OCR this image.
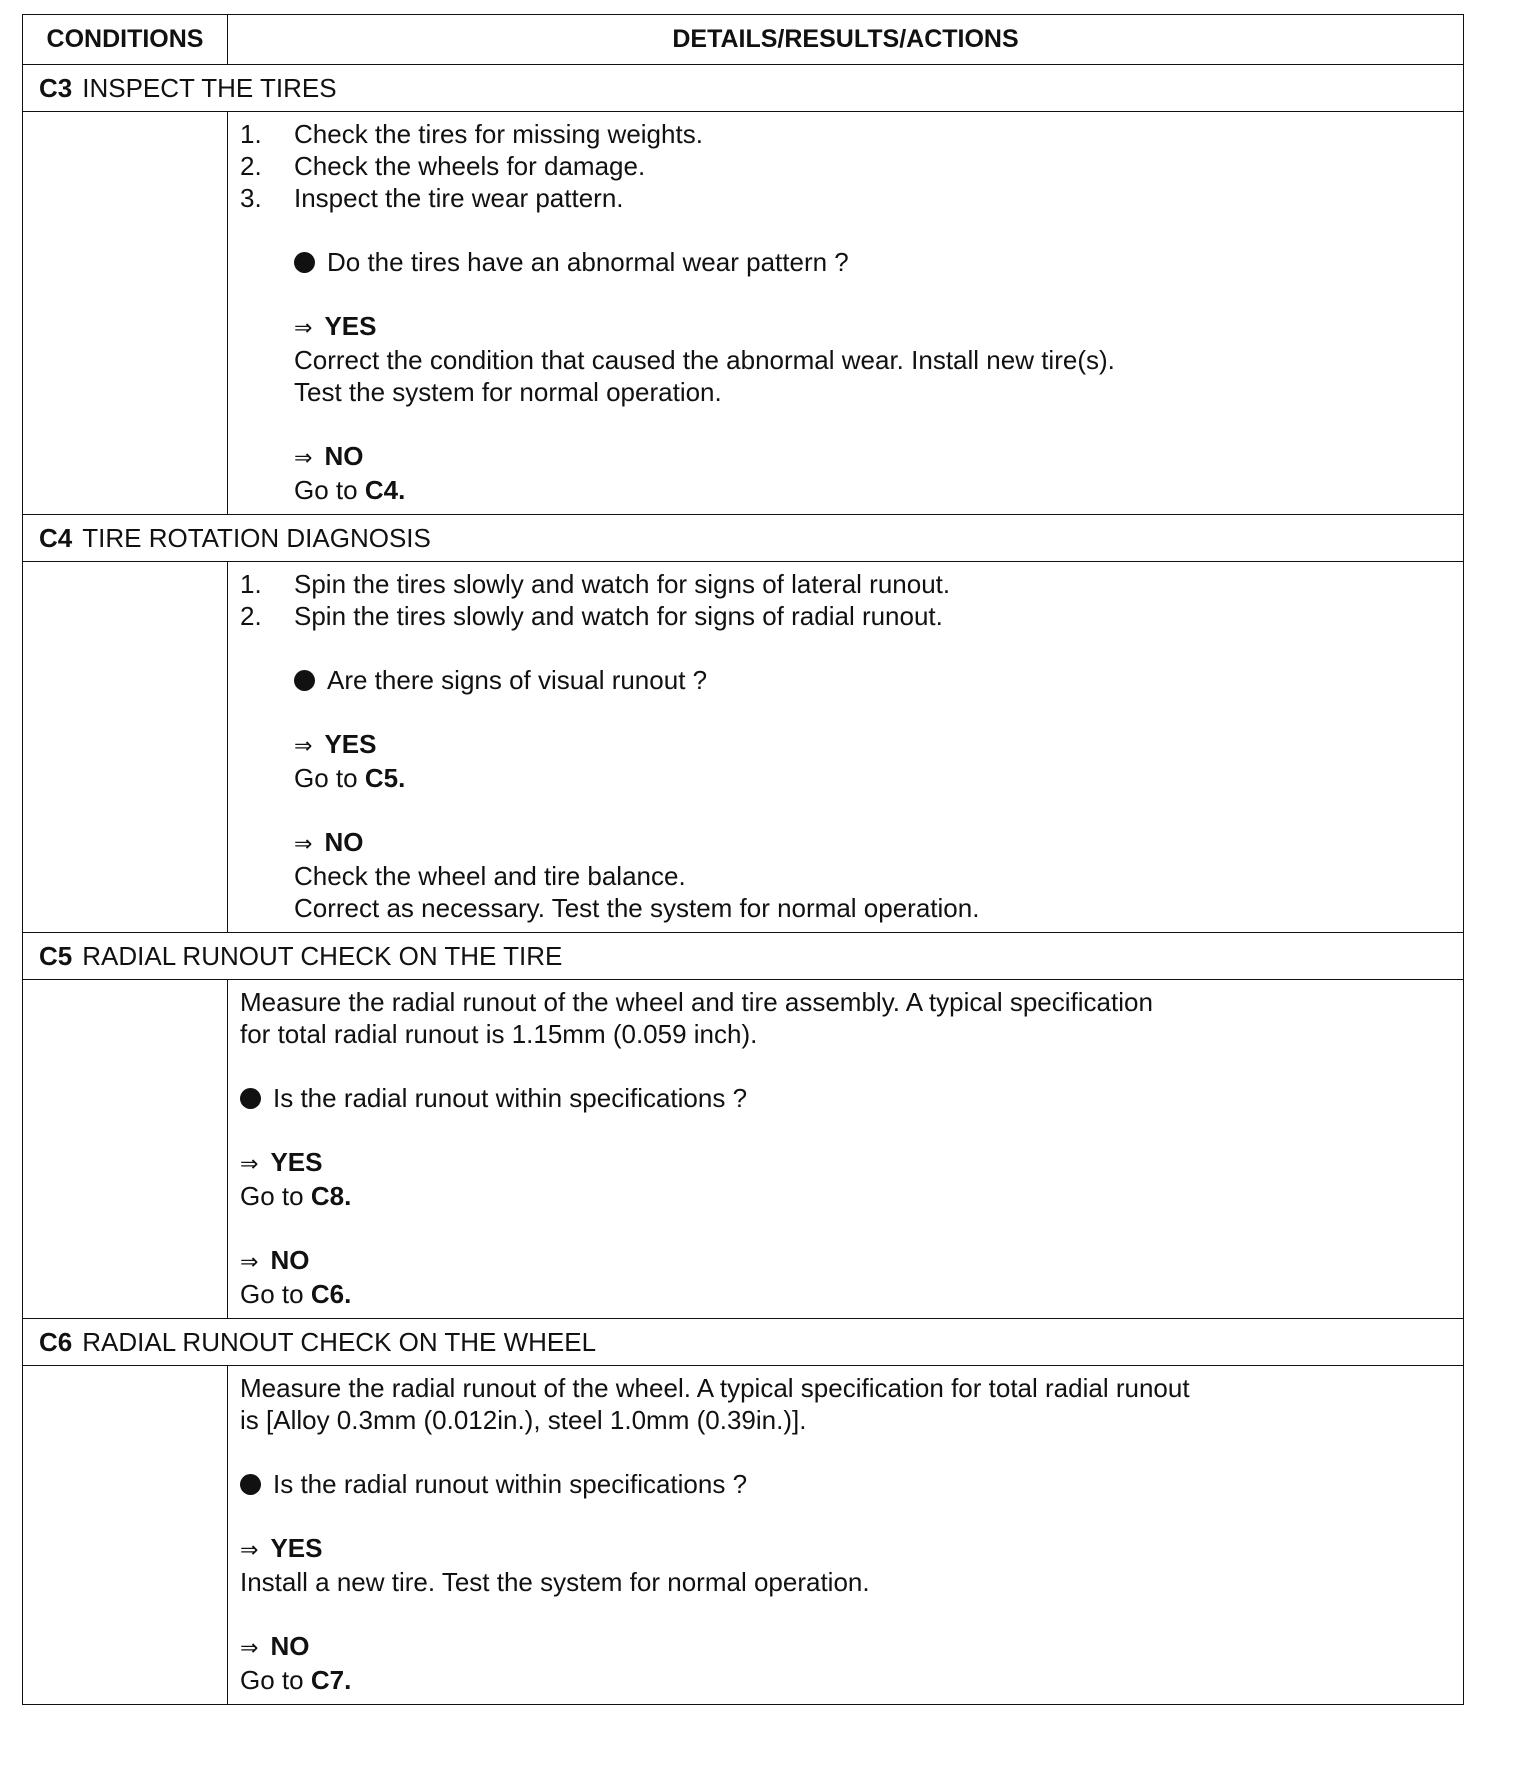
CONDITIONS	DETAILS/RESULTS/ACTIONS
C3 INSPECT THE TIRES
1.	Check the tires for missing weights.
2.	Check the wheels for damage.
3.	Inspect the tire wear pattern.
Do the tires have an abnormal wear pattern ?
⇒ YES
Correct the condition that caused the abnormal wear. Install new tire(s).
Test the system for normal operation.
⇒ NO
Go to C4.
C4 TIRE ROTATION DIAGNOSIS
1.	Spin the tires slowly and watch for signs of lateral runout.
2.	Spin the tires slowly and watch for signs of radial runout.
Are there signs of visual runout ?
⇒ YES
Go to C5.
⇒ NO
Check the wheel and tire balance.
Correct as necessary. Test the system for normal operation.
C5 RADIAL RUNOUT CHECK ON THE TIRE
Measure the radial runout of the wheel and tire assembly. A typical specification
for total radial runout is 1.15mm (0.059 inch).
Is the radial runout within specifications ?
⇒ YES
Go to C8.
⇒ NO
Go to C6.
C6 RADIAL RUNOUT CHECK ON THE WHEEL
Measure the radial runout of the wheel. A typical specification for total radial runout
is [Alloy 0.3mm (0.012in.), steel 1.0mm (0.39in.)].
Is the radial runout within specifications ?
⇒ YES
Install a new tire. Test the system for normal operation.
⇒ NO
Go to C7.
